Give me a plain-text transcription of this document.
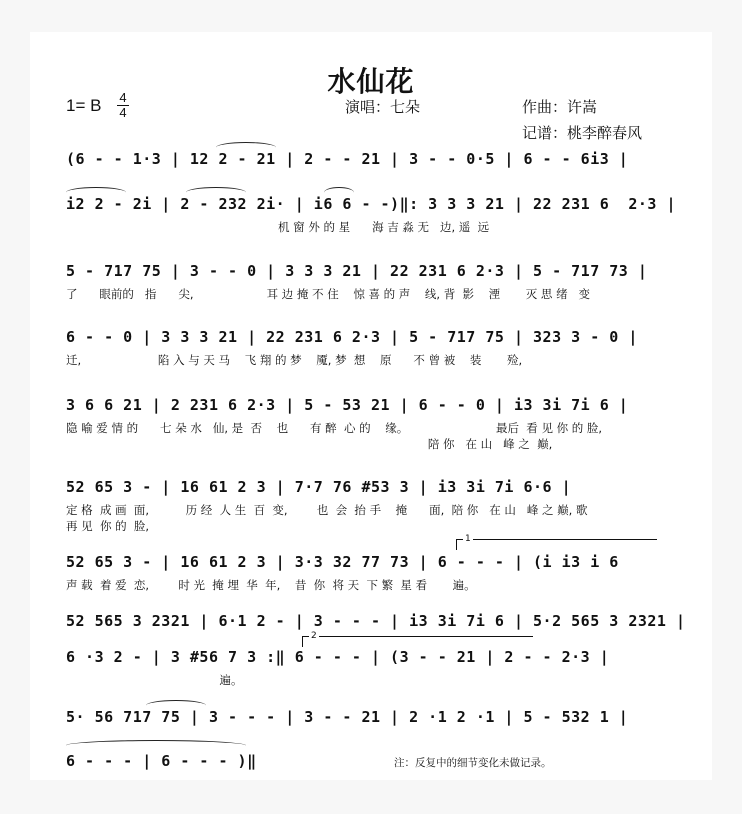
水仙花
1= B $\frac{4}{4}$	演唱：七朵	作曲：许嵩
记谱：桃李醉春风
(6 - - 1·3 | 12 2 - 21 | 2 - - 21 | 3 - - 0·5 | 6 - - 6i3 |
i2 2 - 2i | 2 - 232 2i· | i6 6 - -)‖: 3 3 3 21 | 22 231 6  2·3 |
机 窗 外 的 星      海 吉 淼 无   边, 遥  远
5 - 717 75 | 3 - - 0 | 3 3 3 21 | 22 231 6 2·3 | 5 - 717 73 |
了      眼前的   指      尖,                    耳 边 掩 不 住    惊 喜 的 声    线, 背  影    湮       灭 思 绪   变
6 - - 0 | 3 3 3 21 | 22 231 6 2·3 | 5 - 717 75 | 323 3 - 0 |
迁,                     陷 入 与 天 马    飞 翔 的 梦    魇, 梦  想    原      不 曾 被    装       殓,
3 6 6 21 | 2 231 6 2·3 | 5 - 53 21 | 6 - - 0 | i3 3i 7i 6 |
隐 喻 爱 情 的      七 朵 水   仙, 是  否    也      有 醉  心 的    缘。                        最后  看 见 你 的 脸,
陪 你   在 山   峰 之  巅,
52 65 3 - | 16 61 2 3 | 7·7 76 #53 3 | i3 3i 7i 6·6 |
定 格  成 画  面,          历 经  人 生  百  变,        也  会  抬 手    掩      面,  陪 你   在 山   峰 之 巅, 歌
再 见  你 的  脸,
1
52 65 3 - | 16 61 2 3 | 3·3 32 77 73 | 6 - - - | (i i3 i 6
声 载  着 爱  恋,        时 光  掩 埋  华  年,    昔  你  将 天  下 繁  星 看       遍。
52 565 3 2321 | 6·1 2 - | 3 - - - | i3 3i 7i 6 | 5·2 565 3 2321 |
2
6 ·3 2 - | 3 #56 7 3 :‖ 6 - - - | (3 - - 21 | 2 - - 2·3 |
遍。
5· 56 717 75 | 3 - - - | 3 - - 21 | 2 ·1 2 ·1 | 5 - 532 1 |
6 - - - | 6 - - - )‖	注：反复中的细节变化未做记录。
